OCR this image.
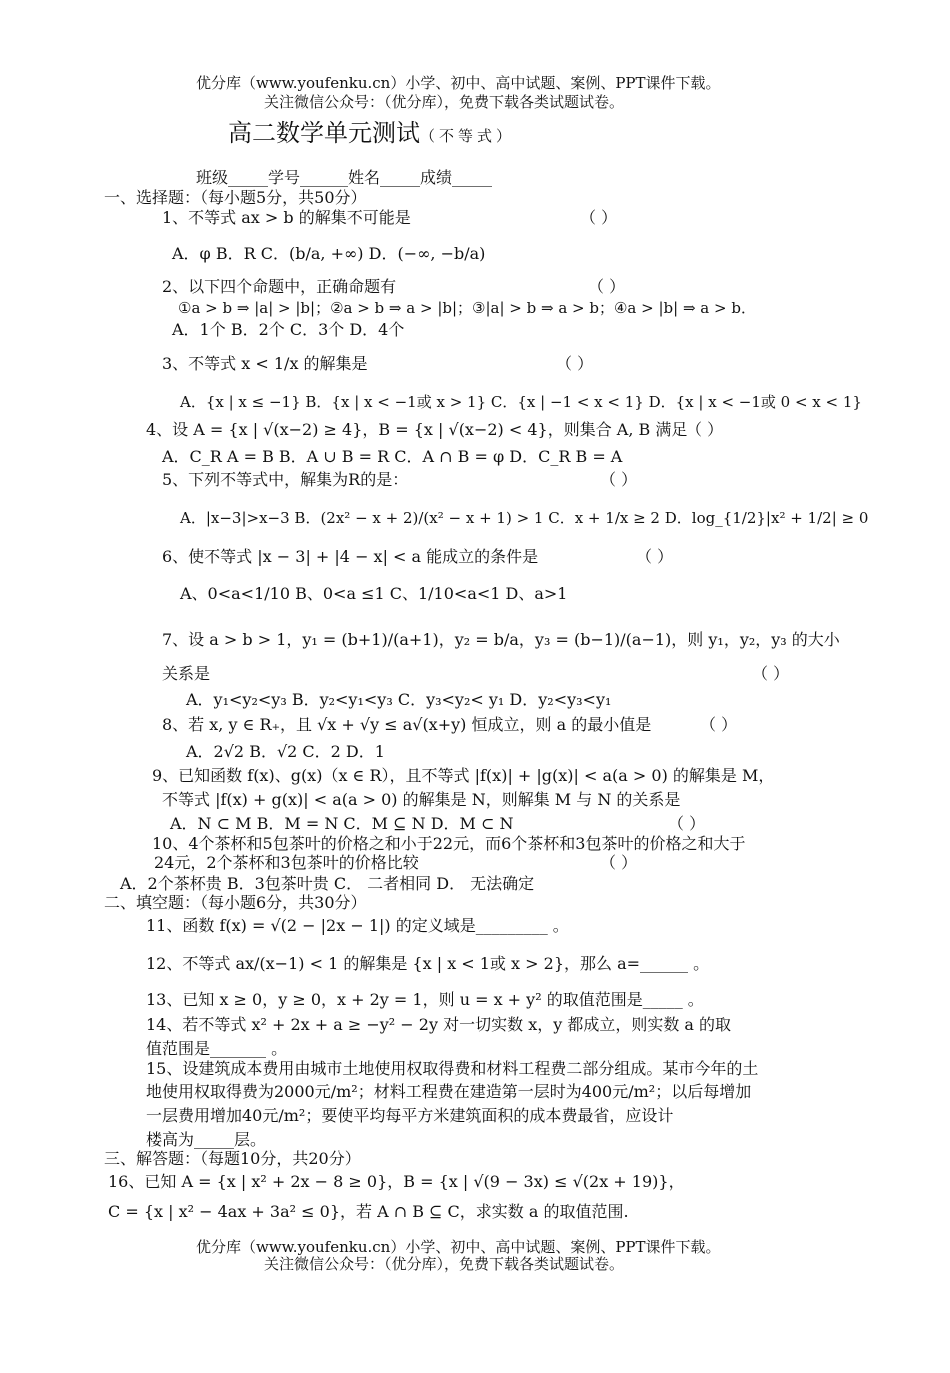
优分库（www.youfenku.cn）小学、初中、高中试题、案例、PPT课件下载。
关注微信公众号：（优分库），免费下载各类试题试卷。
高二数学单元测试（不等式）
班级_____学号______姓名_____成绩_____
一、选择题：（每小题5分，共50分）
1、不等式 ax > b 的解集不可能是	（ ）
A．φ B．R C．(b/a, +∞) D．(−∞, −b/a)
2、以下四个命题中，正确命题有	（ ）
①a > b ⇒ |a| > |b|；②a > b ⇒ a > |b|；③|a| > b ⇒ a > b；④a > |b| ⇒ a > b．
A．1个 B．2个 C．3个 D．4个
3、不等式 x < 1/x 的解集是	（ ）
A．{x | x ≤ −1} B．{x | x < −1或 x > 1} C．{x | −1 < x < 1} D．{x | x < −1或 0 < x < 1}
4、设 A = {x | √(x−2) ≥ 4}，B = {x | √(x−2) < 4}，则集合 A, B 满足
（ ）
A．C_R A = B B．A ∪ B = R C．A ∩ B = φ D．C_R B = A
5、下列不等式中，解集为R的是：	（ ）
A．|x−3|>x−3 B．(2x² − x + 2)/(x² − x + 1) > 1 C．x + 1/x ≥ 2 D．log_{1/2}|x² + 1/2| ≥ 0
6、使不等式 |x − 3| + |4 − x| < a 能成立的条件是	（ ）
A、0<a<1/10 B、0<a ≤1 C、1/10<a<1 D、a>1
7、设 a > b > 1，y₁ = (b+1)/(a+1)，y₂ = b/a，y₃ = (b−1)/(a−1)，则 y₁，y₂，y₃ 的大小
关系是	（ ）
A．y₁<y₂<y₃ B．y₂<y₁<y₃ C．y₃<y₂< y₁ D．y₂<y₃<y₁
8、若 x, y ∈ R₊，且 √x + √y ≤ a√(x+y) 恒成立，则 a 的最小值是	（ ）
A．2√2 B．√2 C．2 D．1
9、已知函数 f(x)、g(x)（x ∈ R），且不等式 |f(x)| + |g(x)| < a(a > 0) 的解集是 M，
不等式 |f(x) + g(x)| < a(a > 0) 的解集是 N，则解集 M 与 N 的关系是
A．N ⊂ M B．M = N C．M ⊆ N D．M ⊂ N	（ ）
10、4个茶杯和5包茶叶的价格之和小于22元，而6个茶杯和3包茶叶的价格之和大于
24元，2个茶杯和3包茶叶的价格比较	（ ）
A．2个茶杯贵 B．3包茶叶贵 C． 二者相同 D． 无法确定
二、填空题：（每小题6分，共30分）
11、函数 f(x) = √(2 − |2x − 1|) 的定义域是_________ 。
12、不等式 ax/(x−1) < 1 的解集是 {x | x < 1或 x > 2}，那么 a=______ 。
13、已知 x ≥ 0，y ≥ 0，x + 2y = 1，则 u = x + y² 的取值范围是_____ 。
14、若不等式 x² + 2x + a ≥ −y² − 2y 对一切实数 x，y 都成立，则实数 a 的取
值范围是_______ 。
15、设建筑成本费用由城市土地使用权取得费和材料工程费二部分组成。某市今年的土
地使用权取得费为2000元/m²；材料工程费在建造第一层时为400元/m²；以后每增加
一层费用增加40元/m²；要使平均每平方米建筑面积的成本费最省，应设计
楼高为_____层。
三、解答题：（每题10分，共20分）
16、已知 A = {x | x² + 2x − 8 ≥ 0}，B = {x | √(9 − 3x) ≤ √(2x + 19)}，
C = {x | x² − 4ax + 3a² ≤ 0}，若 A ∩ B ⊆ C，求实数 a 的取值范围.
优分库（www.youfenku.cn）小学、初中、高中试题、案例、PPT课件下载。
关注微信公众号：（优分库），免费下载各类试题试卷。
